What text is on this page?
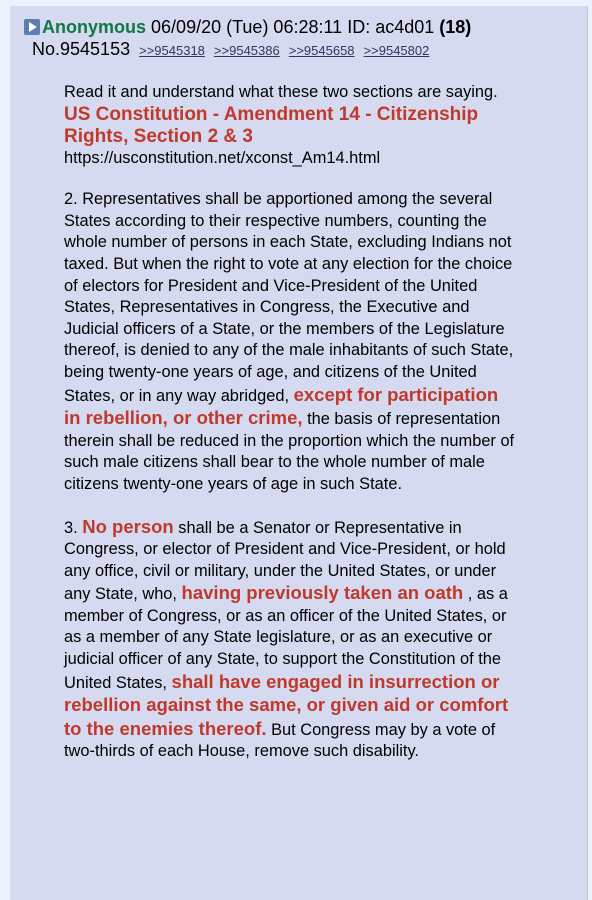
Anonymous 06/09/20 (Tue) 06:28:11 ID: ac4d01 (18)
No.9545153 >>9545318 >>9545386 >>9545658 >>9545802

Read it and understand what these two sections are saying.

US Constitution - Amendment 14 - Citizenship Rights, Section 2 & 3

https://usconstitution.net/xconst_Am14.html

2. Representatives shall be apportioned among the several States according to their respective numbers, counting the whole number of persons in each State, excluding Indians not taxed. But when the right to vote at any election for the choice of electors for President and Vice-President of the United States, Representatives in Congress, the Executive and Judicial officers of a State, or the members of the Legislature thereof, is denied to any of the male inhabitants of such State, being twenty-one years of age, and citizens of the United States, or in any way abridged, except for participation in rebellion, or other crime, the basis of representation therein shall be reduced in the proportion which the number of such male citizens shall bear to the whole number of male citizens twenty-one years of age in such State.

3. No person shall be a Senator or Representative in Congress, or elector of President and Vice-President, or hold any office, civil or military, under the United States, or under any State, who, having previously taken an oath , as a member of Congress, or as an officer of the United States, or as a member of any State legislature, or as an executive or judicial officer of any State, to support the Constitution of the United States, shall have engaged in insurrection or rebellion against the same, or given aid or comfort to the enemies thereof. But Congress may by a vote of two-thirds of each House, remove such disability.
